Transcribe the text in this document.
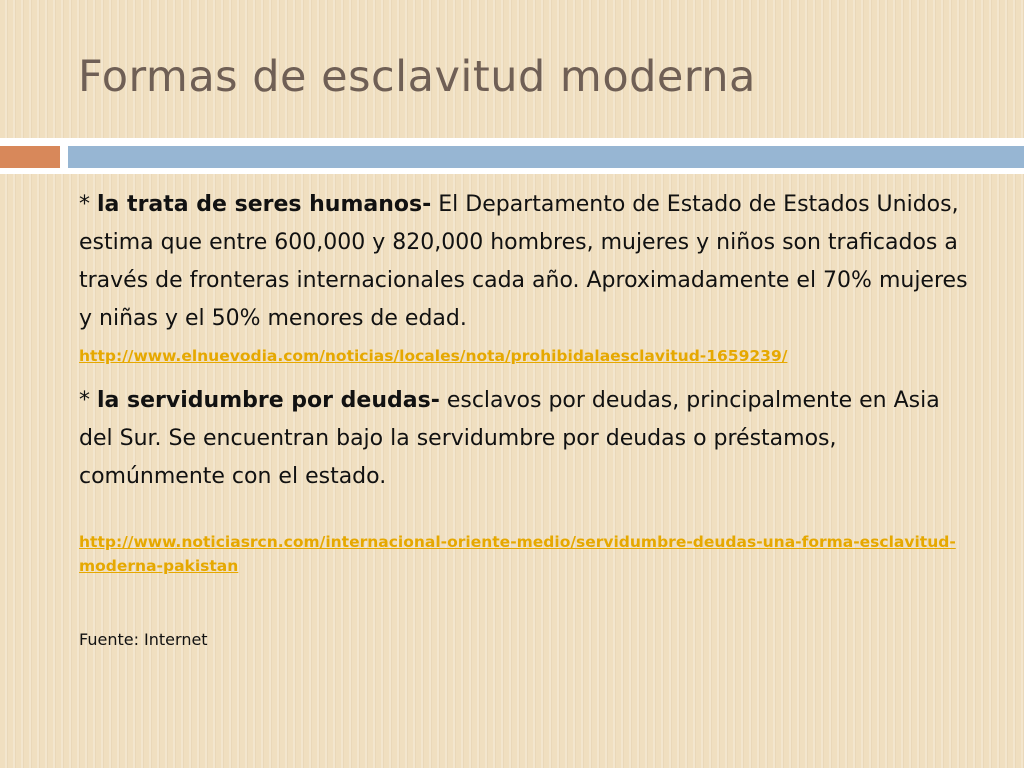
Formas de esclavitud moderna

* la trata de seres humanos- El Departamento de Estado de Estados Unidos, estima que entre 600,000 y 820,000 hombres, mujeres y niños son traficados a través de fronteras internacionales cada año. Aproximadamente el 70% mujeres y niñas y el 50% menores de edad.

http://www.elnuevodia.com/noticias/locales/nota/prohibidalaesclavitud-1659239/

* la servidumbre por deudas- esclavos por deudas, principalmente en Asia del Sur. Se encuentran bajo la servidumbre por deudas o préstamos, comúnmente con el estado.

http://www.noticiasrcn.com/internacional-oriente-medio/servidumbre-deudas-una-forma-esclavitud-moderna-pakistan

Fuente: Internet
